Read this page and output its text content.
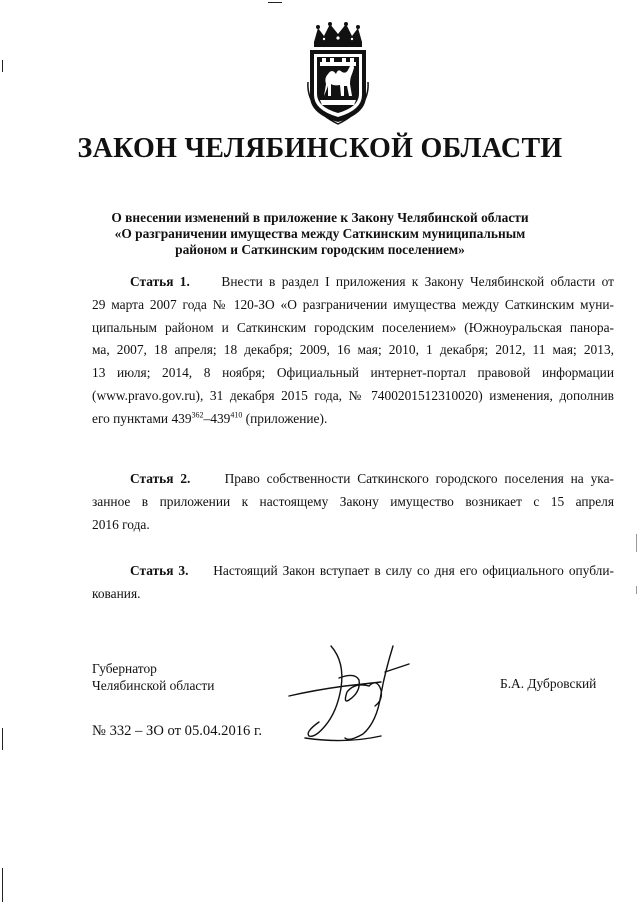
ЗАКОН ЧЕЛЯБИНСКОЙ ОБЛАСТИ
О внесении изменений в приложение к Закону Челябинской области
«О разграничении имущества между Саткинским муниципальным
районом и Саткинским городским поселением»
Статья 1. Внести в раздел I приложения к Закону Челябинской области от
29 марта 2007 года № 120-ЗО «О разграничении имущества между Саткинским муни-
ципальным районом и Саткинским городским поселением» (Южноуральская панора-
ма, 2007, 18 апреля; 18 декабря; 2009, 16 мая; 2010, 1 декабря; 2012, 11 мая; 2013,
13 июля; 2014, 8 ноября; Официальный интернет-портал правовой информации
(www.pravo.gov.ru), 31 декабря 2015 года, № 7400201512310020) изменения, дополнив
его пунктами $439^{362}-439^{410}$ (приложение).
Статья 2.	Право собственности Саткинского городского поселения на ука-
занное в приложении к настоящему Закону имущество возникает с 15 апреля
2016 года.
Статья 3. Настоящий Закон вступает в силу со дня его официального опубли-
кования.
Губернатор
Челябинской области	Б.А. Дубровский
№ 332 – ЗО от 05.04.2016 г.
